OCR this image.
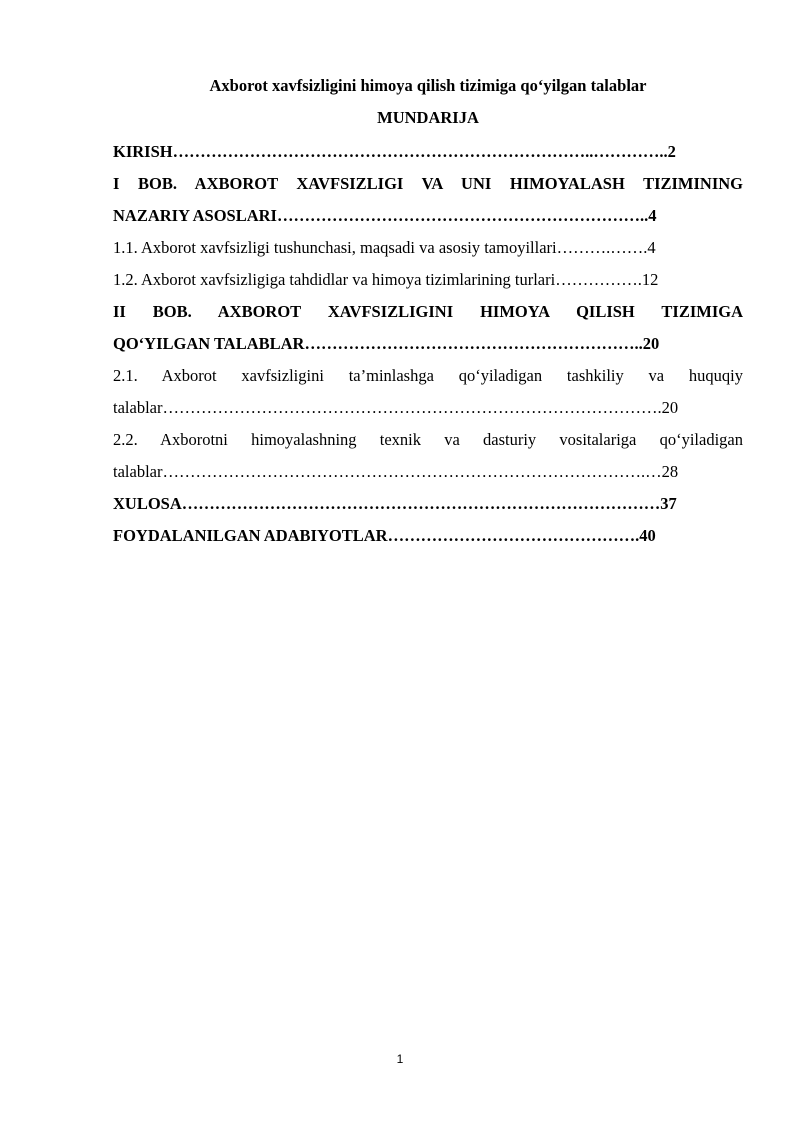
Axborot xavfsizligini himoya qilish tizimiga qo‘yilgan talablar
MUNDARIJA
KIRISH…………………………………………………………………..…………..2
I BOB. AXBOROT XAVFSIZLIGI VA UNI HIMOYALASH TIZIMINING
NAZARIY ASOSLARI…………………………………………………………..4
1.1. Axborot xavfsizligi tushunchasi, maqsadi va asosiy tamoyillari……….…….4
1.2. Axborot xavfsizligiga tahdidlar va himoya tizimlarining turlari…………….12
II BOB. AXBOROT XAVFSIZLIGINI HIMOYA QILISH TIZIMIGA
QO‘YILGAN TALABLAR……………………………………………………..20
2.1. Axborot xavfsizligini ta’minlashga qo‘yiladigan tashkiliy va huquqiy
talablar……………………………………………………………………………….20
2.2. Axborotni himoyalashning texnik va dasturiy vositalariga qo‘yiladigan
talablar…………………………………………………………………………….…28
XULOSA……………………………………………………………………………37
FOYDALANILGAN ADABIYOTLAR……………………………………….40
1
